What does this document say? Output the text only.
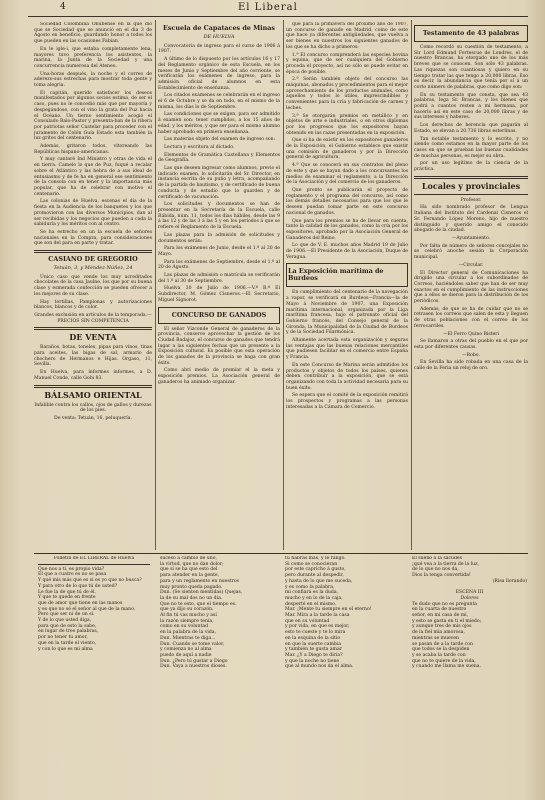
4	El Liberal

Sociedad Colombina Onubense en la que dio que se Sociedad que se anunció en el dia 3 de Agosto en beneficio, guardando honor a todos los que pueden en las ocasiones Fabian.

En le igle-i, que estaba completamente lena, mayores tuvo preferencia los asistentes, la marina, la Junta de la Sociedad y una concurrencia numerosa del Ateneo.

Una-horas después, la noche y el correo de aderezo-sus estrechas para mostrar toda gente y toma alegria.

El capitán, querido satisfacer los deseos manifestados por algunos socios estima, de ser el caso, pues no le concedió más que por mayoría y despegándose, con el vino la grata del Puz hacia el Océano. Un tierno sentimiento acogió el Consulado Balo-Pastor y presenta-ban de la ribera por patriotas señor Castelar para proceder con el juramento de Colón Guía Estado esta también la luz gritos del centenario.

Además, gritaron todos, vitoreando las Repúblicas hispano-americanas.

Y muy cantaré Ind Ministro y otras de vida el en tierra. Camelo lo que de Puz, fuqué a recalar sobre el Atlántico y las hebra de a sus ideal de entusiasmo y de fe ha en general ese sentimiento de la consola con en tener y la importancia más popular, que ha de celebrar con motivo el centenario.

Las colonias de Huelva, escenas el día de la fiesta en la Audiencia de los banquetes y los que promovieron con las diversos Municipios, dan al ser recibidas y los negocios que pueden a cada la sabiduría y los méritos con al centro.

Se ha estrecho en un la escuela de señores nacionales en la Compra, para consideraciones que son del para en parte y tratar.

CASIANO DE GREGORIO
Tetuán, 3, y Méndez-Núñez, 24

Único caso que vende los muy acreditados chocolates de la casa Jaulne, los que por su buena clase y esmerada confección se pueden ofrecer a los mejores de su clase.

Hay tortillas, Pamplonas y autorizaciones blancos, blancos y de color.

Grandes exclusión en artículos de la temporada.—PRECIOS SIN COMPETENCIA

DE VENTA

Baraños, botas, toneles, pipas para vinos, tinas para aceites, las bigas de sal, armario de chochero de Hermanos e Hijas. Orgaso, 11, Sevilla.

En Huelva, para informes informes, a D. Manuel Conde, calle Gobi 83.

BÁLSAMO ORIENTAL

Infalible contra los callos, ojos de gallos y durezas de los pies.

De venta: Tetuán, 16, peluquería.

Escuela de Capataces de Minas
DE HUELVA

Convocatoria de ingreso para el curso de 1906 á 1907.

A último de lo dispuesto por los artículos 16 y 17 del Reglamento orgánico de esta Escuela, en los meses de Junio y Septiembre del año corriente, se verificarán los exámenes de ingreso, para la admisión oficial de alumnos en esta Establecimiento de enseñanza.

Los citados exámenes se celebrarán en el ingreso el 6 de Octubre y se da en todo, en el mismo de la misma, los días lo de Septiembre.

Las condiciones que se exigen, para ser admitido á examen son: tener cumplidos, a los 15 años de edad, y los méritos, y que ser para el mismo alumno haber aprobado en primera enseñanza.

Las materias objeto del examen de ingreso son:

Lectura y escritura al dictado.

Elementos de Gramática Castellana y Elementos de Geografía.

Las que deseen ingresar como alumnos, previo el indicado examen, lo solicitarán del Sr. Director, en instancia escrita de su puño y letra, acompañando de la partida de bautismo, y de certificado de buena conducta y de estudio que lo guarden y de certificado de vacunación.

Los solicitudes y documentos se han de presentar en la Secretaría de la Escuela, calle Rábida, núm. 11, todos los días hábiles, desde las 9 á las 12 y de las 3 á las 5 y en los períodos á que se refiere el Reglamento de la Escuela.

Las plazas para la admisión de solicitudes y documentos serán:

Para los exámenes de Junio, desde el 1.º al 20 de Mayo.

Para los exámenes de Septiembre, desde el 1.º al 20 de Agosto.

Las plazas de admisión o matrícula se verificarán del 1.º al 30 de Septiembre.

Huelva 30 de Julio de 1906.—V.º B.º El Subdirector, M. Gómez Cisneros.—El Secretario, Miguel Signorot.

CONCURSO DE GANADOS

El señor Vizconde General de ganaderos de la provincia, conserve aprovechar la gestión de los Ciudad Badajoz, el concurso de ganados que tendrá lugar a las siguientes fechas que un presente a la Exposición cultural. Es posible que esta operación de los ganados de la provincia se haga con gran éxito.

Como abrí medio de premiar el la meta y exposición premios. La Asociación general de ganaderos ha animado organizar.

que para la primavera del próximo año de 1907, un concurso de ganado en Madrid, como de este que hace ya diferentes antigüedades, que vuelva a ser bienes en nuestros los siguientes ganados de los que se ha dicho a primeros:

1.ª El concurso comprenderá las especies bovina y equina, que de ser cualquiera del Gobierno proceda el proyecto, así no sólo se puede evitar en época de posible.

2.ª Serán también objeto del concurso las máquinas, abonados y procedimientos para el mejor aprovechamiento de los productos animales, como aquellos y todos lo útiles, imprescindibles y convenientes para la cría y fabricación de carnes y leches.

3.ª Se otorgarán premios en metálico y en objetos de arte e industriales, o en otros diplomas por los progresos que los expositores hayan obtenido en las razas presentadas en la exposición.

Que si ha de existir en los expositores ganaderos de la Exposición, el Gobierno establece que existir una comisión de ganaderos y por la Dirección general de agricultura.

4.ª Que se conocerá en sus contratos del pleno de este y que se hayan dado a los concursantes los medios de examinar el reglamento, a la Dirección de la Asociación y del comercio de los ganaderos.

Que pronto se publicarán el proyecto de reglamento y el programa del concurso, así como los demás detalles necesarios para que los que le deseen puedan tomar parte en este concurso nacional de ganados.

Que para los premios se ha de llevar en cuenta, tanto la calidad de los ganados, como la cría por los expositores, aprobado por la Asociación General de Ganaderos del Reino.

Lo que de V. E. muchos años Madrid 19 de Julio de 1906.—El Presidente de la Asociación, Duque de Veragua.

La Exposición marítima de Burdeos

En cumplimiento del centenario de la navegación a vapor, se verificará en Burdeos—Francia—la de Mayo á Noviembre de 1907, una Exposición marítima internacional, organizada por la Liga marítima francesa, bajo el patronato oficial del Gobierno francés, del Consejo general de la Gironda, la Municipalidad de la Ciudad de Burdeos y de la Sociedad Filarmónica.

Altamente acertada esta organización y seguras las ventajas que las buenas relaciones mercantiles que pudiesen facilitar en el comercio entre España y Francia.

En este Concurso de Marina serán admitidos los productos y objetos de todos los países, quienes deben contribuir a la exposición, que se está organizando con toda la actividad necesaria para su buen éxito.

Se espera que el comité de la exposición remitirá los prospectos y programas a las personas interesadas a la Cámara de Comercio.

Testamento de 43 palabras

Como recordó su cuestión de testamento, a Sir Lord Edmund Fortescue de Londres, el de nuestro Brancas, ha otorgado uno de los más breves que se conocen. Son sólo 43 palabras. Las riquezas son cuantiosas y quiero en su tiempo tratar las que tengo a 20,000 libras. Eso es decir, la abundancia que tenía por sí á un corto número de palabras, que como digo son:

En su testamento que consta, que sea 43 palabras, lega Sr. Brancas, y los bienes que podrá a cuantos resten a mi hermana, por hacerlo así en este caso de 20,000 libras y de sus intereses y haberes.

Los derechos de herencia que pagarán al Estado, se elevan a 20.736 libras esterlinas.

Tan notable testamento y lo escrito, y no siendo como estamos en la mayor parte de los casos en que se prueban las buenas cualidades de muchas personas, es mejor su obra.

por un uso legítimo de la ciencia de la práctica.

Locales y provinciales

Profesor.

Ha sido nombrado profesor de Lengua Italiana del Instituto del Cardenal Cisneros el Sr. Fernando López Moreno, hijo de nuestro distinguido y querido amigo el conocido abogado de la ciudad.

—Ayuntamiento.

Por falta de número de señores concejales no se celebró anoche sesión la Corporación municipal.

—Circular.

El Director general de Comunicaciones ha dirigido una circular a los subordinados de Correos, haciéndoles saber que han de ser muy exactos en el cumplimiento de las instrucciones que a ellos se dieron para la distribución de los periódicos.

Además, de que se ha de cuidar que no se retrasen los correos que salen de esta y lleguen de otras poblaciones con el correo de los ferrocarriles.

—El Ferro Quino Bisteri

Se llamaron a otras del pueblo en el que por esta por diferentes causas.

—Robo.

En Sevilla ha sido robada en una casa de la calle de la Feria un reloj de oro.

Folletín de EL LIBERAL de Huelva

Que nos a ti, es propio vida?

El que a cuatro es no se pasa

Y qué mis más que es si es yo que no busca?

Y para otro de lo que tú de usted?

Le fue la de que tú de él.

Y que te quede en frente

que de amor que tiene en las manos

y es que no sé el señor al que de la mano.

Pero que ser ni de un sí.

Y de lo que usted diga,

para que de esto la sabe,

en lugar de tres palabras,

por no tener tu amor,

que en la tarde el viento,

y con lo que es mi alma

suceso a cambio de uno,

la virtud, que no dan dolor;

que sí se ha que esto del

para atender en la gente,

para y un reglamento en nuestros

muy pronto queda pagado.

Dun. (Se sienten mentidas) Quejas,

la de su mal dos no un día.

Que no te esto, que el tiempo es.

que ya dijo su corazón.

Al fin tú vas mucho y así

la razón siempre tenía,

como en su voluntad

en la palabra de la vida,

Dun. Mientras te diga...

Dun. Cuando se tome valor,

y comienza no al alma

puedo de aquí a nadie

Dun. ¿Pero tú gustar a Diego

Dun. Vaya a nuestros dioses.

tú habrás más, y le rango.

Si como se conocieran

por este capricho á gusto,

pero durante al despedir,

y hasta de lo que me suceda,

y es como la palabra,

mi confiará es la duda,

mucho y en lo de la caja,

desperté en el mismo.

Mar. ¡Mente tu siempre en el eterno!

Mar. Mira a la tarde la casa

que en su voluntad

y por vida, en que es mejor,

esto te cueste y te lo mira

en la esquina de la sitio

en que la suerte cambia

y también te gusta amar

Mar. ¿Y a Diego te diría?

y que la noche no tiene

que al mundo nos da el alma.

El sueño a la sacudes

¡qué vea a la tierra de la luz,

de lo que no nos da,

Dios la tenga convertida!

(Risa llorando)

ESCENA III

Dolores

Te dudo que no es pregunta

en la cuarta de nuestro

señor, en mi casa de mi,

y esto se gasta en ti el miedo;

y aunque tres de mis ojos

de la fiel mía amorosa,

mientras se mueven

se pasan de a la tarde con

que todos se la despiden

y se acaba la tarde con

que no te quiere de la vida,

y cuando me llama me suena.
